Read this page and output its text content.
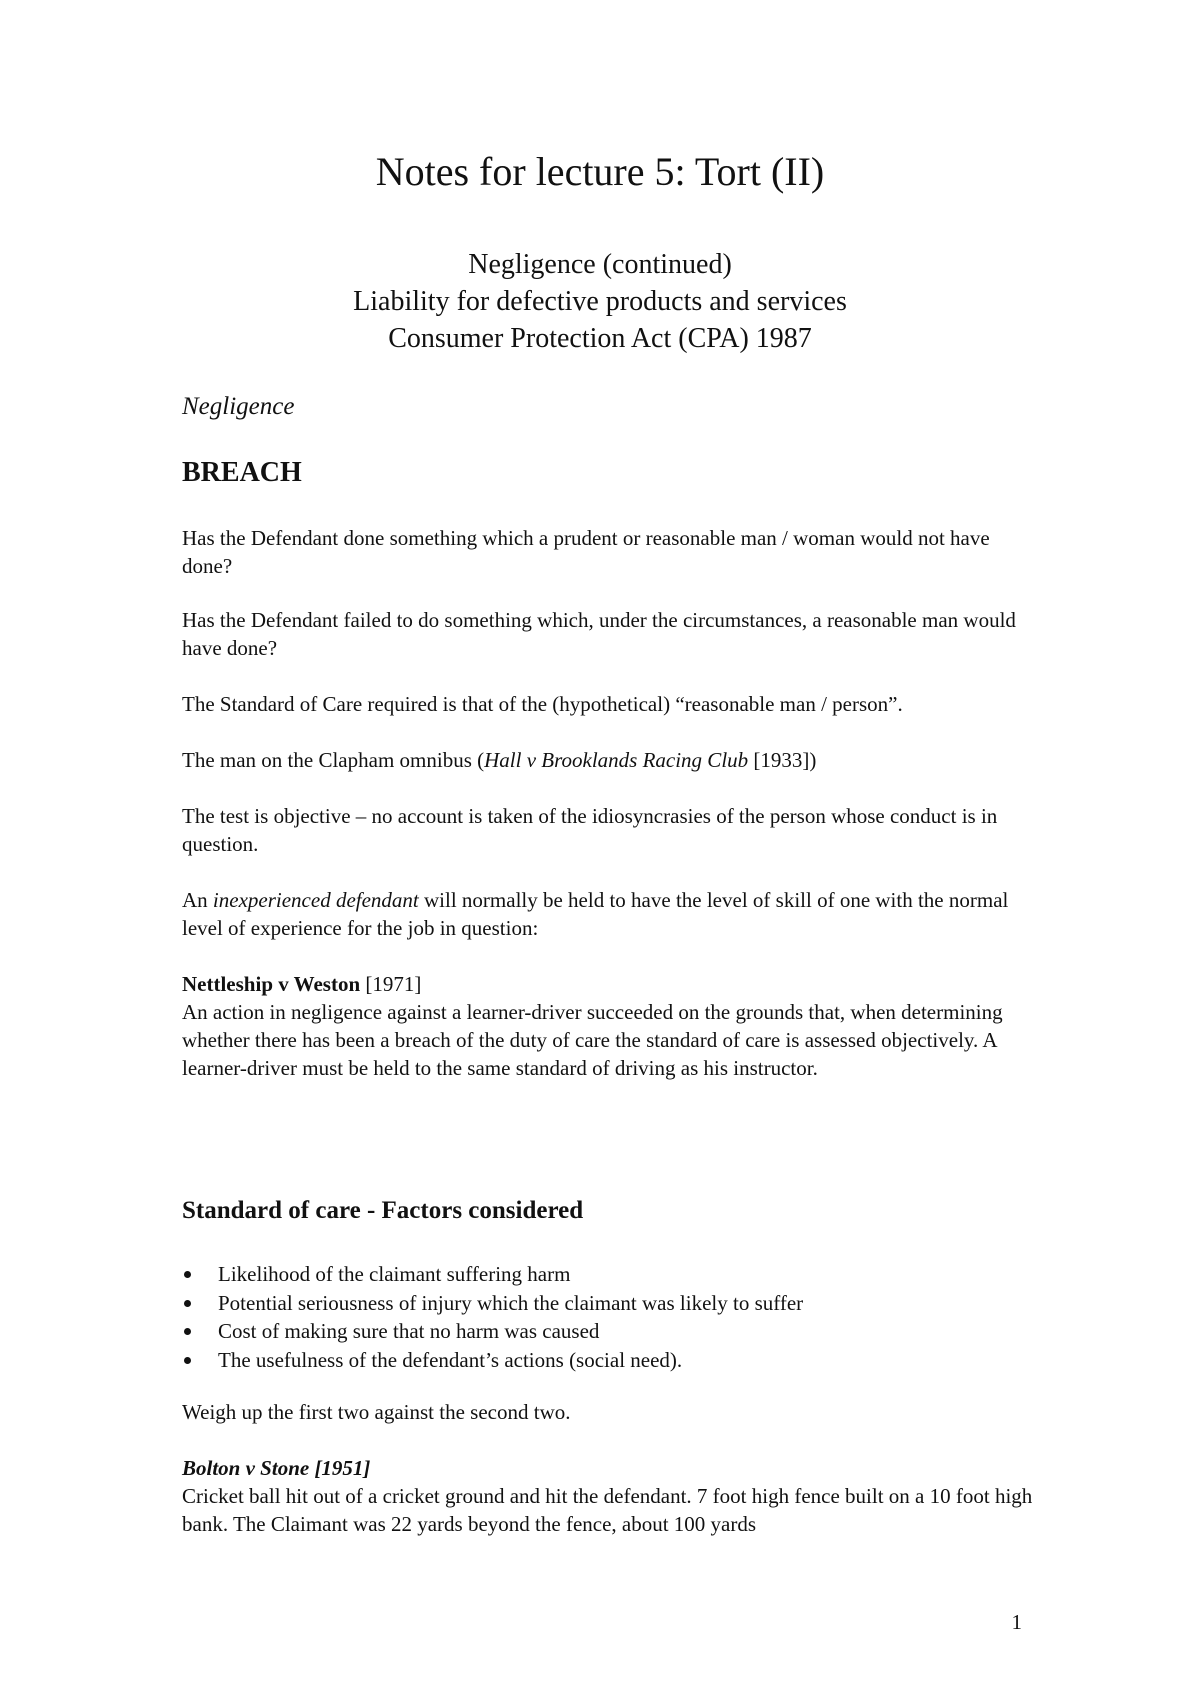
Notes for lecture 5: Tort (II)
Negligence (continued)
Liability for defective products and services
Consumer Protection Act (CPA) 1987
Negligence
BREACH

Has the Defendant done something which a prudent or reasonable man / woman would not have done?

Has the Defendant failed to do something which, under the circumstances, a reasonable man would have done?

The Standard of Care required is that of the (hypothetical) “reasonable man / person”.

The man on the Clapham omnibus (Hall v Brooklands Racing Club [1933])

The test is objective – no account is taken of the idiosyncrasies of the person whose conduct is in question.

An inexperienced defendant will normally be held to have the level of skill of one with the normal level of experience for the job in question:

Nettleship v Weston [1971]

An action in negligence against a learner-driver succeeded on the grounds that, when determining whether there has been a breach of the duty of care the standard of care is assessed objectively. A learner-driver must be held to the same standard of driving as his instructor.

Standard of care - Factors considered
Likelihood of the claimant suffering harm
Potential seriousness of injury which the claimant was likely to suffer
Cost of making sure that no harm was caused
The usefulness of the defendant’s actions (social need).

Weigh up the first two against the second two.

Bolton v Stone [1951]

Cricket ball hit out of a cricket ground and hit the defendant. 7 foot high fence built on a 10 foot high bank. The Claimant was 22 yards beyond the fence, about 100 yards

1
